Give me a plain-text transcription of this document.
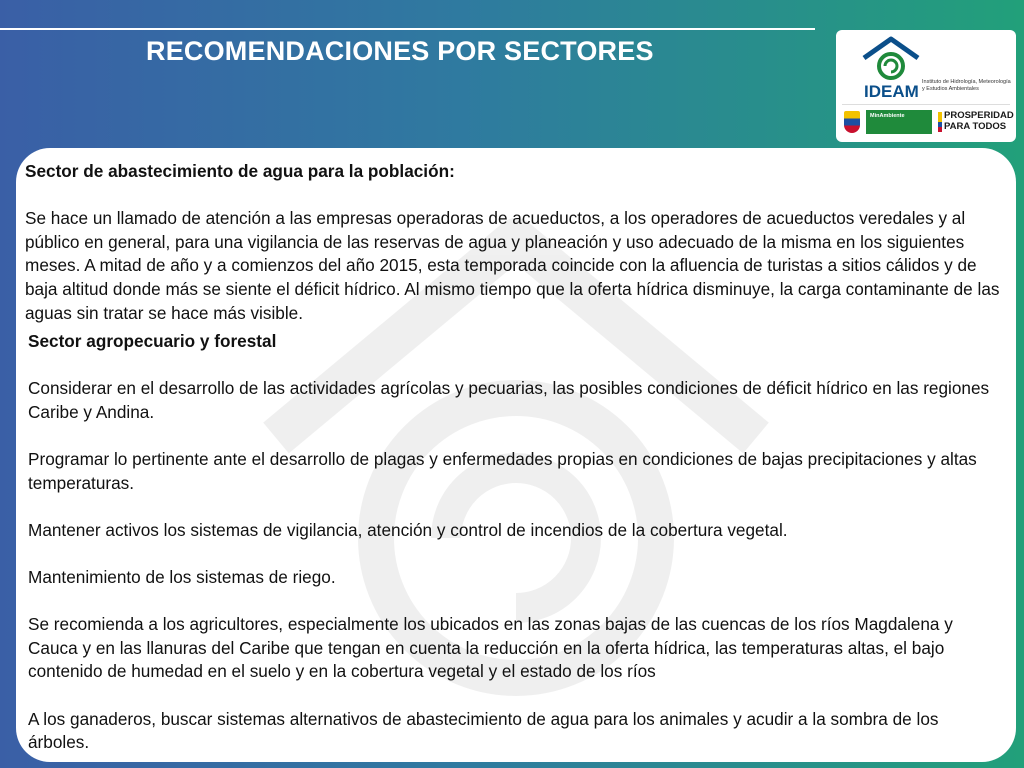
RECOMENDACIONES POR SECTORES
IDEAM Instituto de Hidrología, Meteorología y Estudios Ambientales
MinAmbiente	PROSPERIDAD
PARA TODOS

Sector de abastecimiento de agua para la población:

Se hace un llamado de atención a las empresas operadoras de acueductos, a los operadores de acueductos veredales y al público en general, para una vigilancia de las reservas de agua y planeación y uso adecuado de la misma en los siguientes meses. A mitad de año y a comienzos del año 2015, esta temporada coincide con la afluencia de turistas a sitios cálidos y de baja altitud donde más se siente el déficit hídrico. Al mismo tiempo que la oferta hídrica disminuye, la carga contaminante de las aguas sin tratar se hace más visible.

Sector agropecuario y forestal

Considerar en el desarrollo de las actividades agrícolas y pecuarias, las posibles condiciones de déficit hídrico en las regiones Caribe y Andina.

Programar lo pertinente ante el desarrollo de plagas y enfermedades propias en condiciones de bajas precipitaciones y altas temperaturas.

Mantener activos los sistemas de vigilancia, atención y control de incendios de la cobertura vegetal.

Mantenimiento de los sistemas de riego.

Se recomienda a los agricultores, especialmente los ubicados en las zonas bajas de las cuencas de los ríos Magdalena y Cauca y en las llanuras del Caribe que tengan en cuenta la reducción en la oferta hídrica, las temperaturas altas, el bajo contenido de humedad en el suelo y en la cobertura vegetal y el estado de los ríos

A los ganaderos, buscar sistemas alternativos de abastecimiento de agua para los animales y acudir a la sombra de los árboles.
